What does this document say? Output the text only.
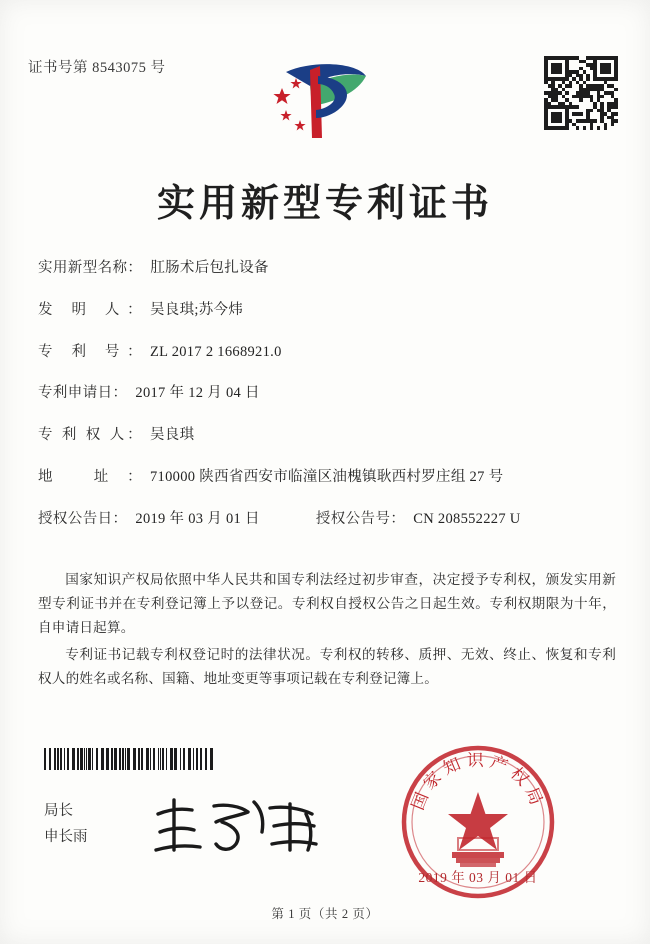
证书号第 8543075 号
实用新型专利证书
实用新型名称： 肛肠术后包扎设备
发 明 人： 吴良琪;苏今炜
专 利 号： ZL 2017 2 1668921.0
专利申请日： 2017 年 12 月 04 日
专 利 权 人： 吴良琪
地 址： 710000 陕西省西安市临潼区油槐镇耿西村罗庄组 27 号
授权公告日： 2019 年 03 月 01 日	授权公告号： CN 208552227 U

国家知识产权局依照中华人民共和国专利法经过初步审查，决定授予专利权，颁发实用新型专利证书并在专利登记簿上予以登记。专利权自授权公告之日起生效。专利权期限为十年，自申请日起算。

专利证书记载专利权登记时的法律状况。专利权的转移、质押、无效、终止、恢复和专利权人的姓名或名称、国籍、地址变更等事项记载在专利登记簿上。

局长
申长雨
国家知识产权局
2019 年 03 月 01 日
第 1 页（共 2 页）
